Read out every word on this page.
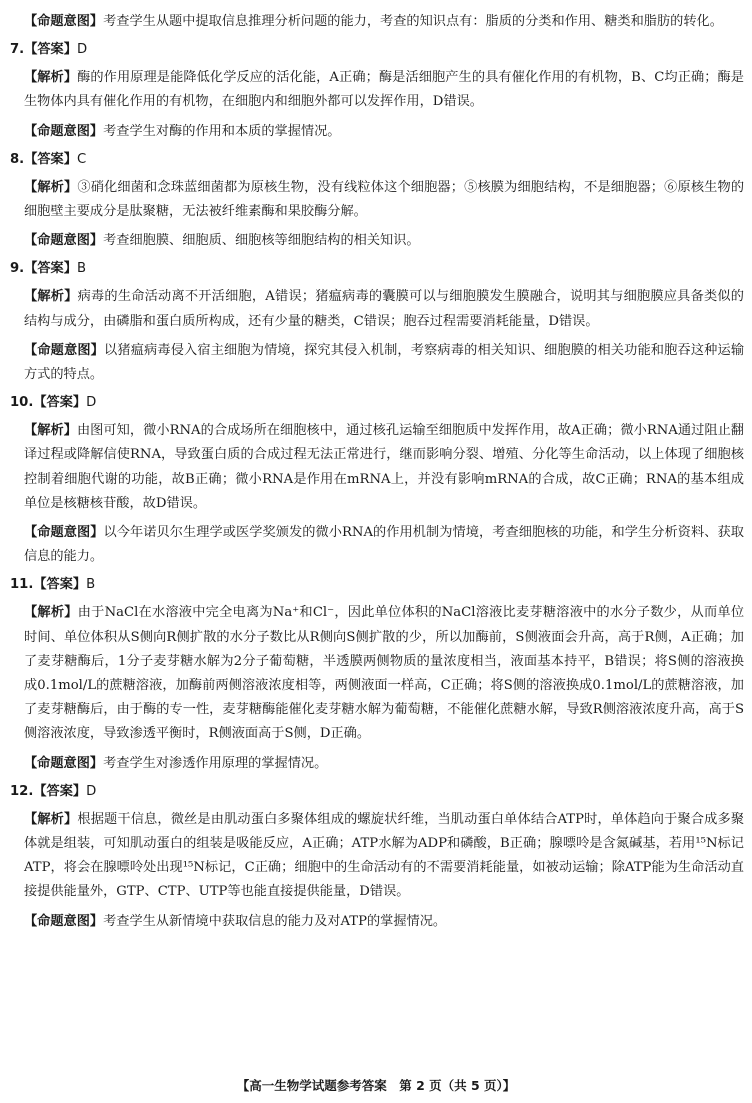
【命题意图】考查学生从题中提取信息推理分析问题的能力，考查的知识点有：脂质的分类和作用、糖类和脂肪的转化。

7.【答案】D

【解析】酶的作用原理是能降低化学反应的活化能，A正确；酶是活细胞产生的具有催化作用的有机物，B、C均正确；酶是生物体内具有催化作用的有机物，在细胞内和细胞外都可以发挥作用，D错误。

【命题意图】考查学生对酶的作用和本质的掌握情况。

8.【答案】C

【解析】③硝化细菌和念珠蓝细菌都为原核生物，没有线粒体这个细胞器；⑤核膜为细胞结构，不是细胞器；⑥原核生物的细胞壁主要成分是肽聚糖，无法被纤维素酶和果胶酶分解。

【命题意图】考查细胞膜、细胞质、细胞核等细胞结构的相关知识。

9.【答案】B

【解析】病毒的生命活动离不开活细胞，A错误；猪瘟病毒的囊膜可以与细胞膜发生膜融合，说明其与细胞膜应具备类似的结构与成分，由磷脂和蛋白质所构成，还有少量的糖类，C错误；胞吞过程需要消耗能量，D错误。

【命题意图】以猪瘟病毒侵入宿主细胞为情境，探究其侵入机制，考察病毒的相关知识、细胞膜的相关功能和胞吞这种运输方式的特点。

10.【答案】D

【解析】由图可知，微小RNA的合成场所在细胞核中，通过核孔运输至细胞质中发挥作用，故A正确；微小RNA通过阻止翻译过程或降解信使RNA，导致蛋白质的合成过程无法正常进行，继而影响分裂、增殖、分化等生命活动，以上体现了细胞核控制着细胞代谢的功能，故B正确；微小RNA是作用在mRNA上，并没有影响mRNA的合成，故C正确；RNA的基本组成单位是核糖核苷酸，故D错误。

【命题意图】以今年诺贝尔生理学或医学奖颁发的微小RNA的作用机制为情境，考查细胞核的功能，和学生分析资料、获取信息的能力。

11.【答案】B

【解析】由于NaCl在水溶液中完全电离为Na⁺和Cl⁻，因此单位体积的NaCl溶液比麦芽糖溶液中的水分子数少，从而单位时间、单位体积从S侧向R侧扩散的水分子数比从R侧向S侧扩散的少，所以加酶前，S侧液面会升高，高于R侧，A正确；加了麦芽糖酶后，1分子麦芽糖水解为2分子葡萄糖，半透膜两侧物质的量浓度相当，液面基本持平，B错误；将S侧的溶液换成0.1mol/L的蔗糖溶液，加酶前两侧溶液浓度相等，两侧液面一样高，C正确；将S侧的溶液换成0.1mol/L的蔗糖溶液，加了麦芽糖酶后，由于酶的专一性，麦芽糖酶能催化麦芽糖水解为葡萄糖，不能催化蔗糖水解，导致R侧溶液浓度升高，高于S侧溶液浓度，导致渗透平衡时，R侧液面高于S侧，D正确。

【命题意图】考查学生对渗透作用原理的掌握情况。

12.【答案】D

【解析】根据题干信息，微丝是由肌动蛋白多聚体组成的螺旋状纤维，当肌动蛋白单体结合ATP时，单体趋向于聚合成多聚体就是组装，可知肌动蛋白的组装是吸能反应，A正确；ATP水解为ADP和磷酸，B正确；腺嘌呤是含氮碱基，若用¹⁵N标记ATP，将会在腺嘌呤处出现¹⁵N标记，C正确；细胞中的生命活动有的不需要消耗能量，如被动运输；除ATP能为生命活动直接提供能量外，GTP、CTP、UTP等也能直接提供能量，D错误。

【命题意图】考查学生从新情境中获取信息的能力及对ATP的掌握情况。

【高一生物学试题参考答案　第 2 页（共 5 页）】
